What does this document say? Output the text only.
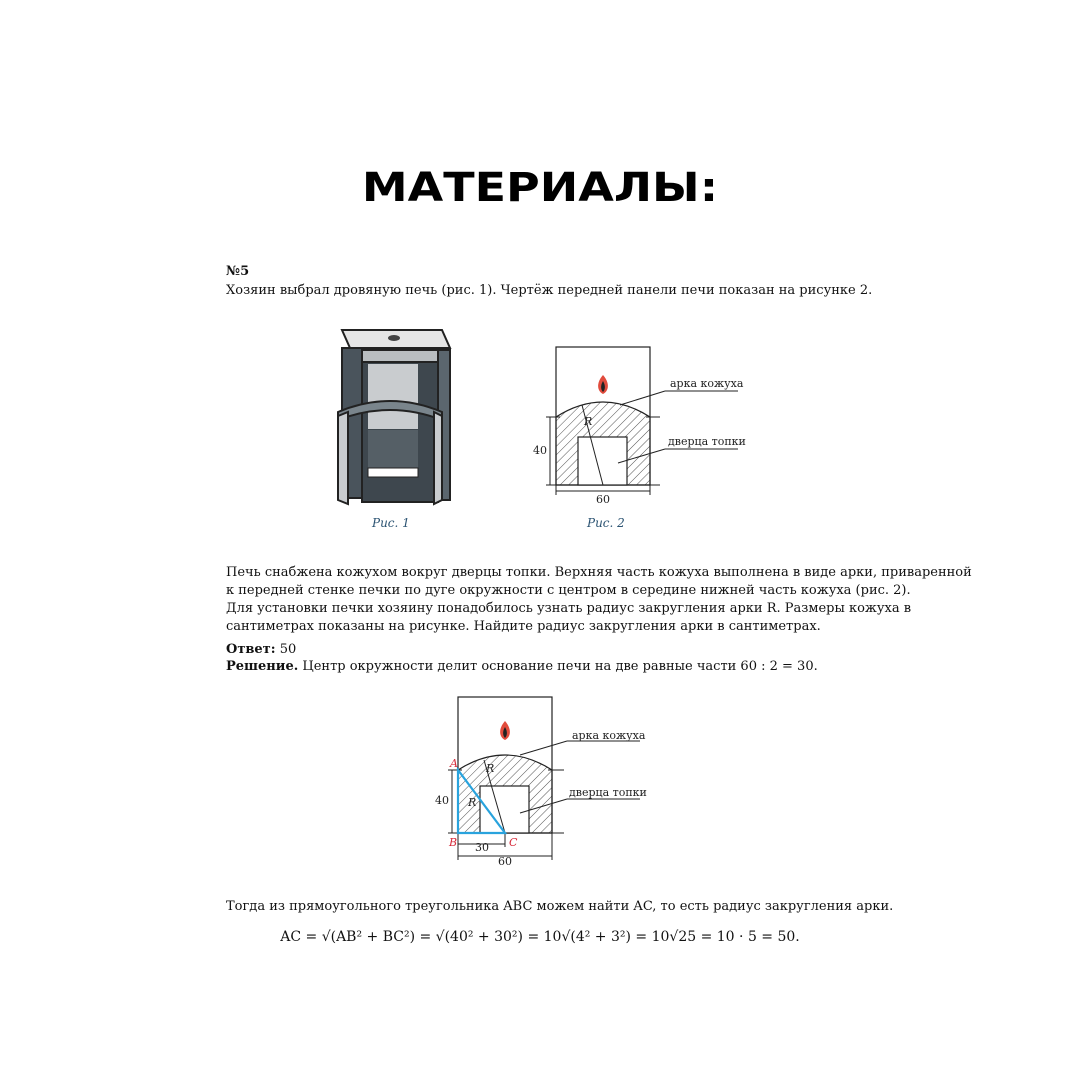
МАТЕРИАЛЫ:
№5
Хозяин выбрал дровяную печь (рис. 1). Чертёж передней панели печи показан на рисунке 2.
Рис. 1
арка кожуха
дверца топки
40
60
R
Рис. 2
Печь снабжена кожухом вокруг дверцы топки. Верхняя часть кожуха выполнена в виде арки, приваренной
к передней стенке печки по дуге окружности с центром в середине нижней часть кожуха (рис. 2).
Для установки печки хозяину понадобилось узнать радиус закругления арки R. Размеры кожуха в
сантиметрах показаны на рисунке. Найдите радиус закругления арки в сантиметрах.
Ответ: 50
Решение. Центр окружности делит основание печи на две равные части 60 : 2 = 30.
арка кожуха
дверца топки
40
30
60
R
R
A
B	C
Тогда из прямоугольного треугольника ABC можем найти AC, то есть радиус закругления арки.
AC = √(AB² + BC²) = √(40² + 30²) = 10√(4² + 3²) = 10√25 = 10 · 5 = 50.
